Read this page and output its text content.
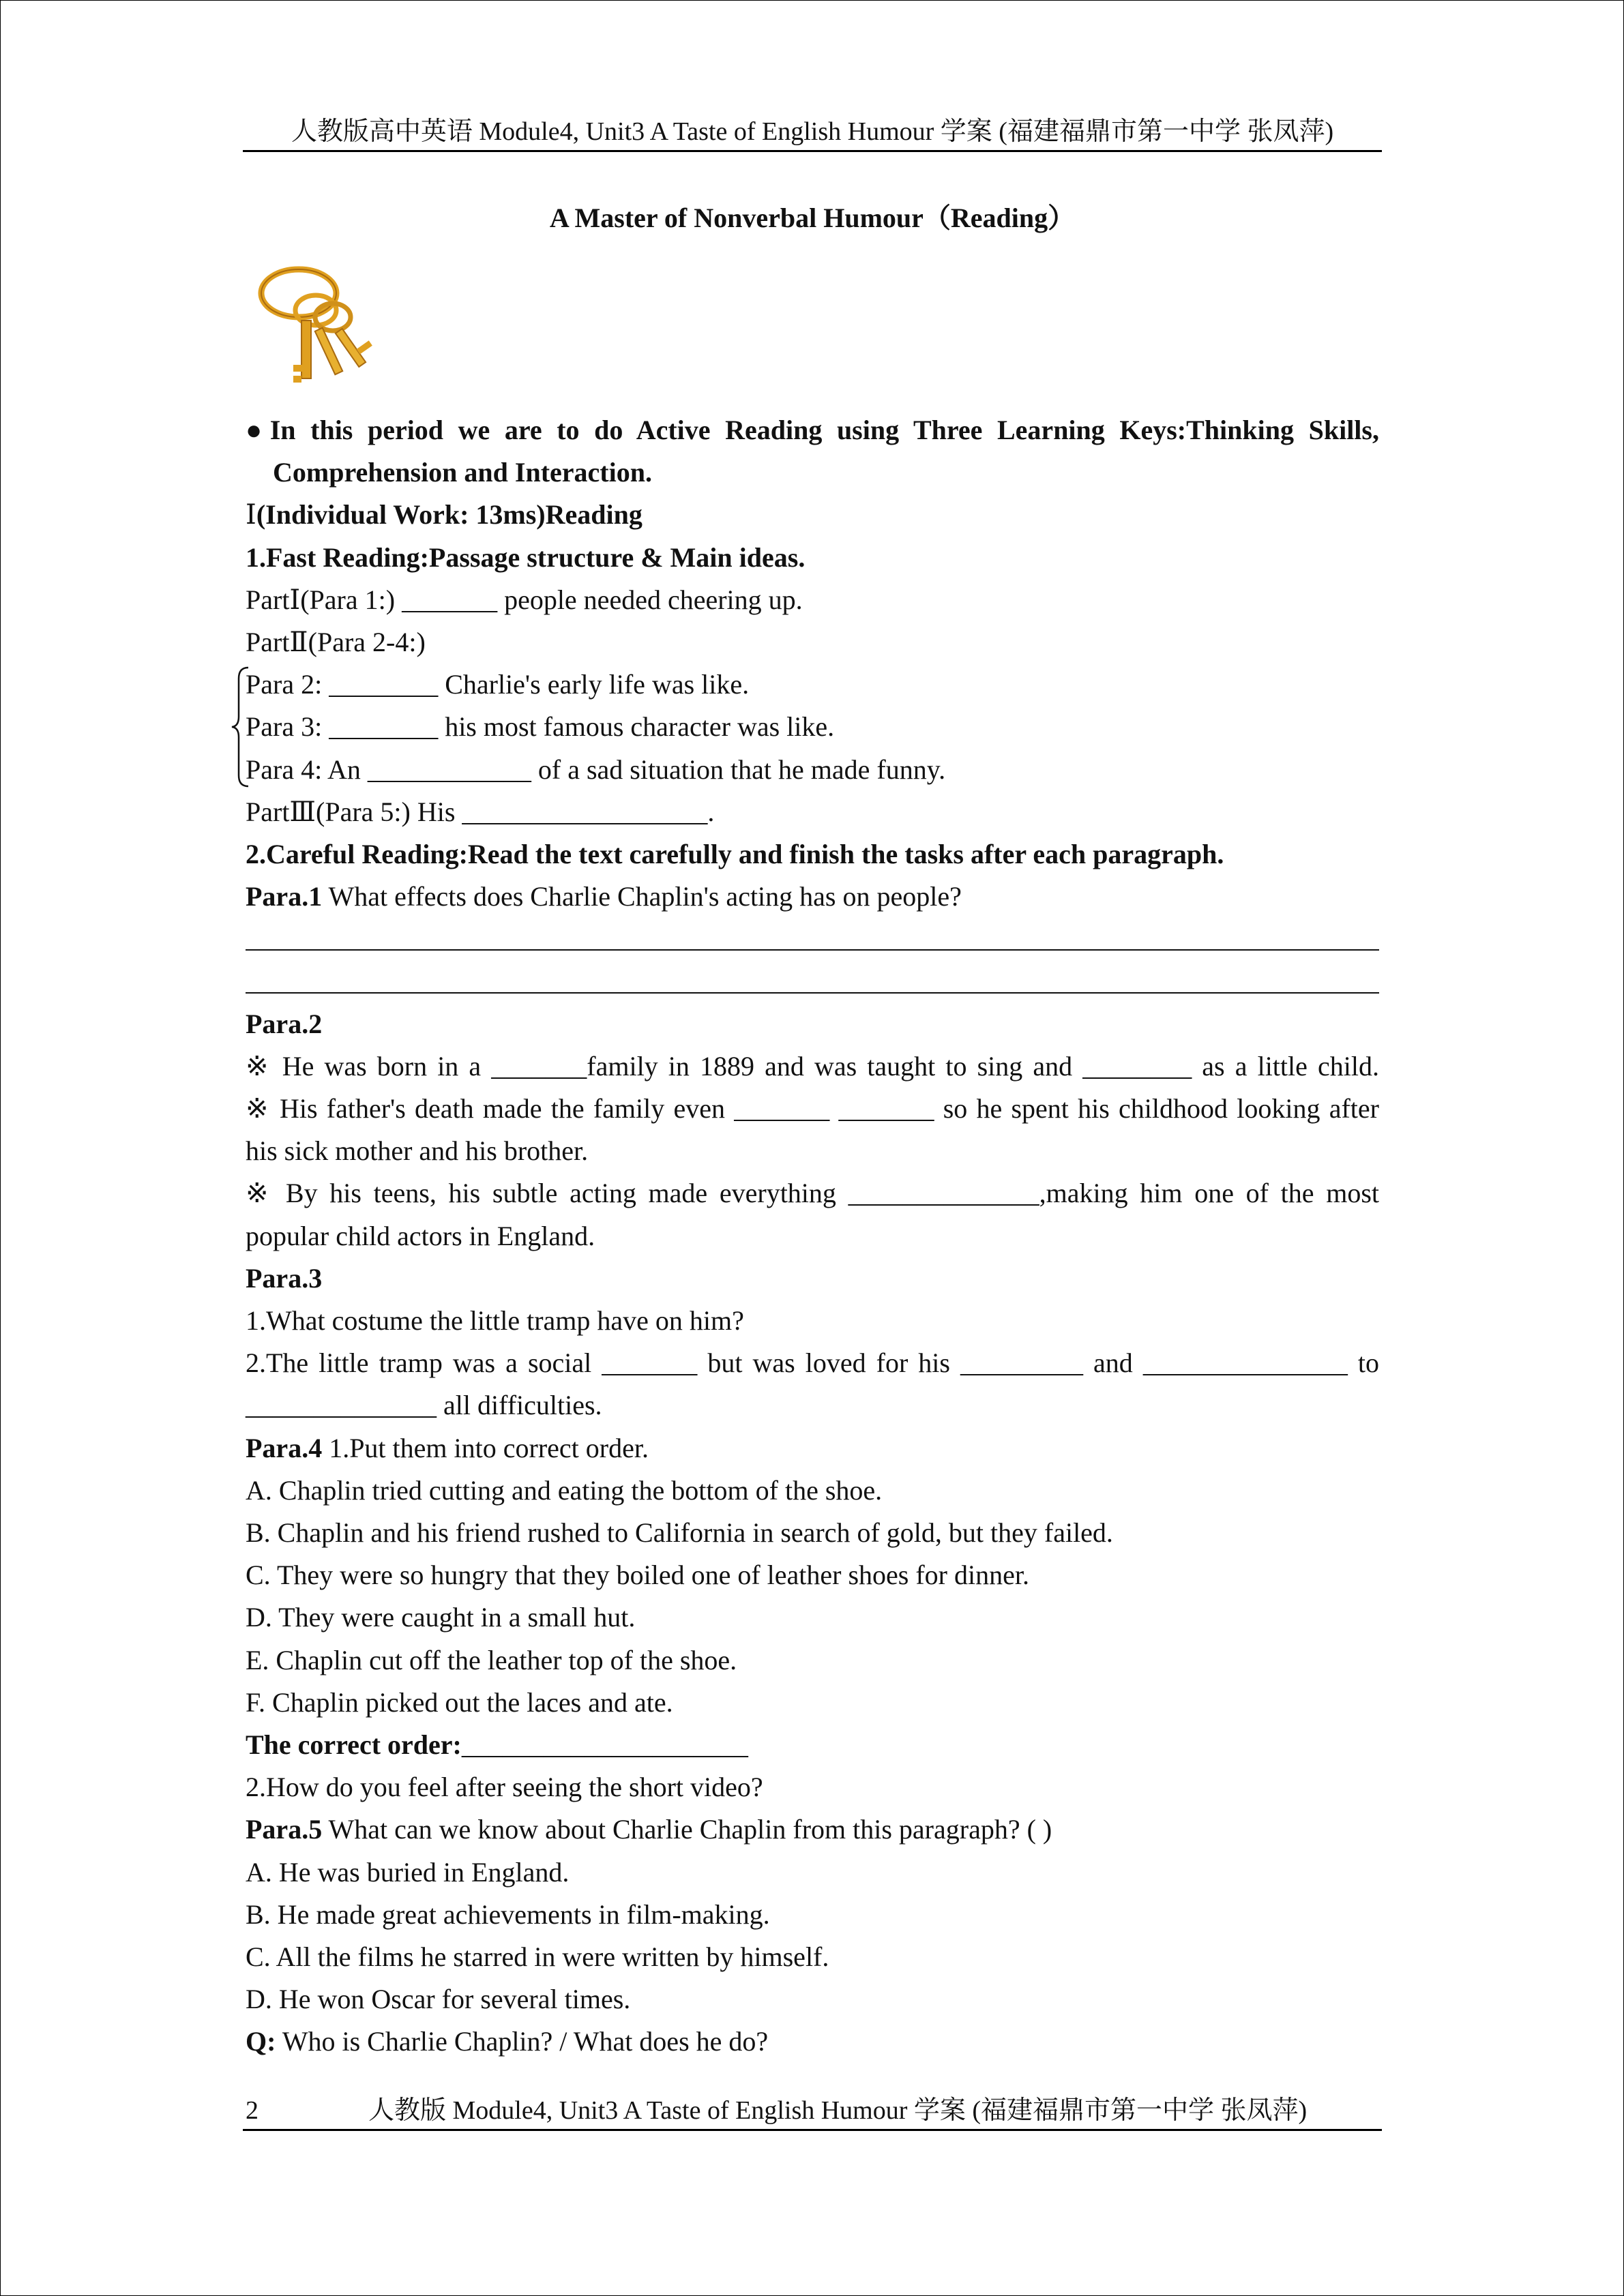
人教版高中英语 Module4, Unit3 A Taste of English Humour 学案 (福建福鼎市第一中学 张凤萍)
A Master of Nonverbal Humour（Reading）
●In this period we are to do Active Reading using Three Learning Keys:Thinking Skills, Comprehension and Interaction.
Ⅰ(Individual Work: 13ms)Reading
1.Fast Reading:Passage structure & Main ideas.
PartⅠ(Para 1:) _______ people needed cheering up.
PartⅡ(Para 2-4:)
Para 2: ________ Charlie's early life was like.
Para 3: ________ his most famous character was like.
Para 4: An ____________ of a sad situation that he made funny.
PartⅢ(Para 5:) His __________________.
2.Careful Reading:Read the text carefully and finish the tasks after each paragraph.
Para.1 What effects does Charlie Chaplin's acting has on people?
Para.2
※ He was born in a _______family in 1889 and was taught to sing and ________ as a little child.
※ His father's death made the family even _______ _______ so he spent his childhood looking after his sick mother and his brother.
※ By his teens, his subtle acting made everything ______________,making him one of the most popular child actors in England.
Para.3
1.What costume the little tramp have on him?
2.The little tramp was a social _______ but was loved for his _________ and _______________ to ______________ all difficulties.
Para.4 1.Put them into correct order.
A. Chaplin tried cutting and eating the bottom of the shoe.
B. Chaplin and his friend rushed to California in search of gold, but they failed.
C. They were so hungry that they boiled one of leather shoes for dinner.
D. They were caught in a small hut.
E. Chaplin cut off the leather top of the shoe.
F. Chaplin picked out the laces and ate.
The correct order:_____________________
2.How do you feel after seeing the short video?
Para.5 What can we know about Charlie Chaplin from this paragraph? ( )
A. He was buried in England.
B. He made great achievements in film-making.
C. All the films he starred in were written by himself.
D. He won Oscar for several times.
Q: Who is Charlie Chaplin? / What does he do?
2	人教版 Module4, Unit3 A Taste of English Humour 学案 (福建福鼎市第一中学 张凤萍)
